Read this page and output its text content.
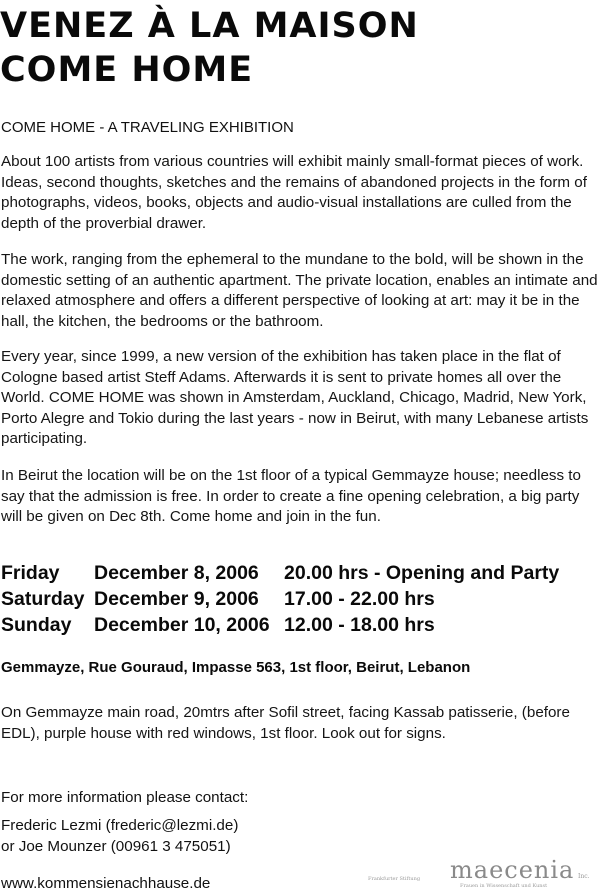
VENEZ À LA MAISON
COME HOME
COME HOME - A TRAVELING EXHIBITION

About 100 artists from various countries will exhibit mainly small-format pieces of work. Ideas, second thoughts, sketches and the remains of abandoned projects in the form of photographs, videos, books, objects and audio-visual installations are culled from the depth of the proverbial drawer.

The work, ranging from the ephemeral to the mundane to the bold, will be shown in the domestic setting of an authentic apartment. The private location, enables an intimate and relaxed atmosphere and offers a different perspective of looking at art: may it be in the hall, the kitchen, the bedrooms or the bathroom.

Every year, since 1999, a new version of the exhibition has taken place in the flat of Cologne based artist Steff Adams. Afterwards it is sent to private homes all over the World. COME HOME was shown in Amsterdam, Auckland, Chicago, Madrid, New York, Porto Alegre and Tokio during the last years - now in Beirut, with many Lebanese artists participating.

In Beirut the location will be on the 1st floor of a typical Gemmayze house; needless to say that the admission is free. In order to create a fine opening celebration, a big party will be given on Dec 8th. Come home and join in the fun.

Friday December 8, 2006 20.00 hrs - Opening and Party
Saturday December 9, 2006 17.00 - 22.00 hrs
Sunday December 10, 2006 12.00 - 18.00 hrs
Gemmayze, Rue Gouraud, Impasse 563, 1st floor, Beirut, Lebanon

On Gemmayze main road, 20mtrs after Sofil street, facing Kassab patisserie, (before EDL), purple house with red windows, 1st floor. Look out for signs.

For more information please contact:
Frederic Lezmi (frederic@lezmi.de)
or Joe Mounzer (00961 3 475051)
www.kommensienachhause.de	Frankfurter Stiftung maecenia
Frauen in Wissenschaft und Kunst
Inc.
